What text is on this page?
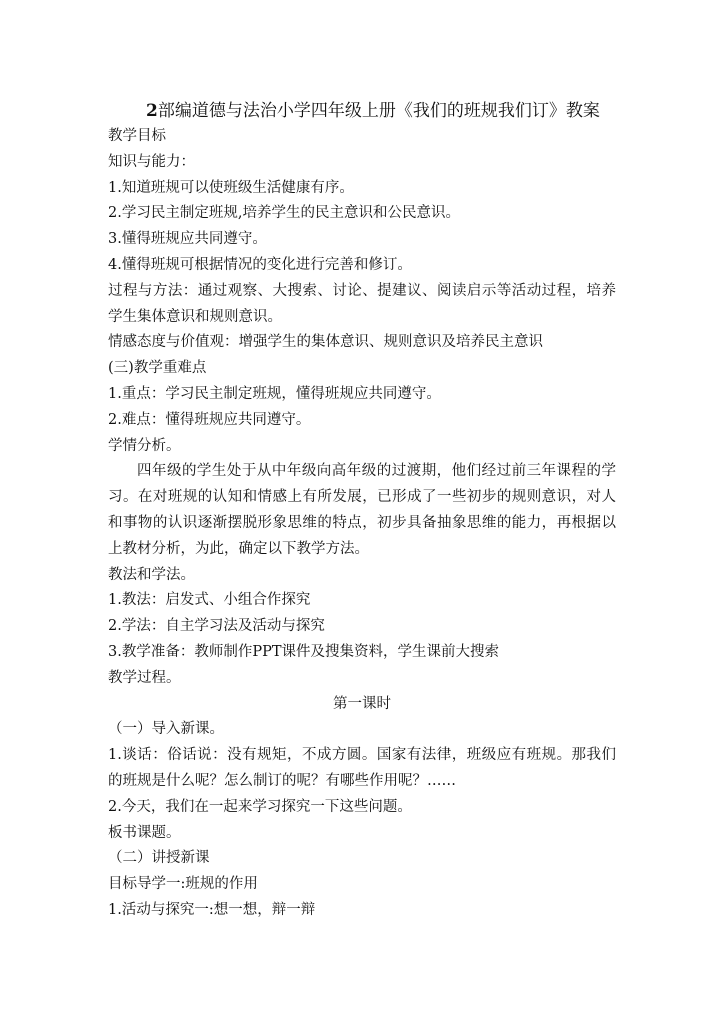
2部编道德与法治小学四年级上册《我们的班规我们订》教案
教学目标
知识与能力：
1.知道班规可以使班级生活健康有序。
2.学习民主制定班规,培养学生的民主意识和公民意识。
3.懂得班规应共同遵守。
4.懂得班规可根据情况的变化进行完善和修订。
过程与方法：通过观察、大搜索、讨论、提建议、阅读启示等活动过程，培养
学生集体意识和规则意识。
情感态度与价值观：增强学生的集体意识、规则意识及培养民主意识
(三)教学重难点
1.重点：学习民主制定班规，懂得班规应共同遵守。
2.难点：懂得班规应共同遵守。
学情分析。
四年级的学生处于从中年级向高年级的过渡期，他们经过前三年课程的学
习。在对班规的认知和情感上有所发展，已形成了一些初步的规则意识，对人
和事物的认识逐渐摆脱形象思维的特点，初步具备抽象思维的能力，再根据以
上教材分析，为此，确定以下教学方法。
教法和学法。
1.教法：启发式、小组合作探究
2.学法：自主学习法及活动与探究
3.教学准备：教师制作PPT课件及搜集资料，学生课前大搜索
教学过程。
第一课时
（一）导入新课。
1.谈话：俗话说：没有规矩，不成方圆。国家有法律，班级应有班规。那我们
的班规是什么呢？怎么制订的呢？有哪些作用呢？……
2.今天，我们在一起来学习探究一下这些问题。
板书课题。
（二）讲授新课
目标导学一:班规的作用
1.活动与探究一:想一想，辩一辩
